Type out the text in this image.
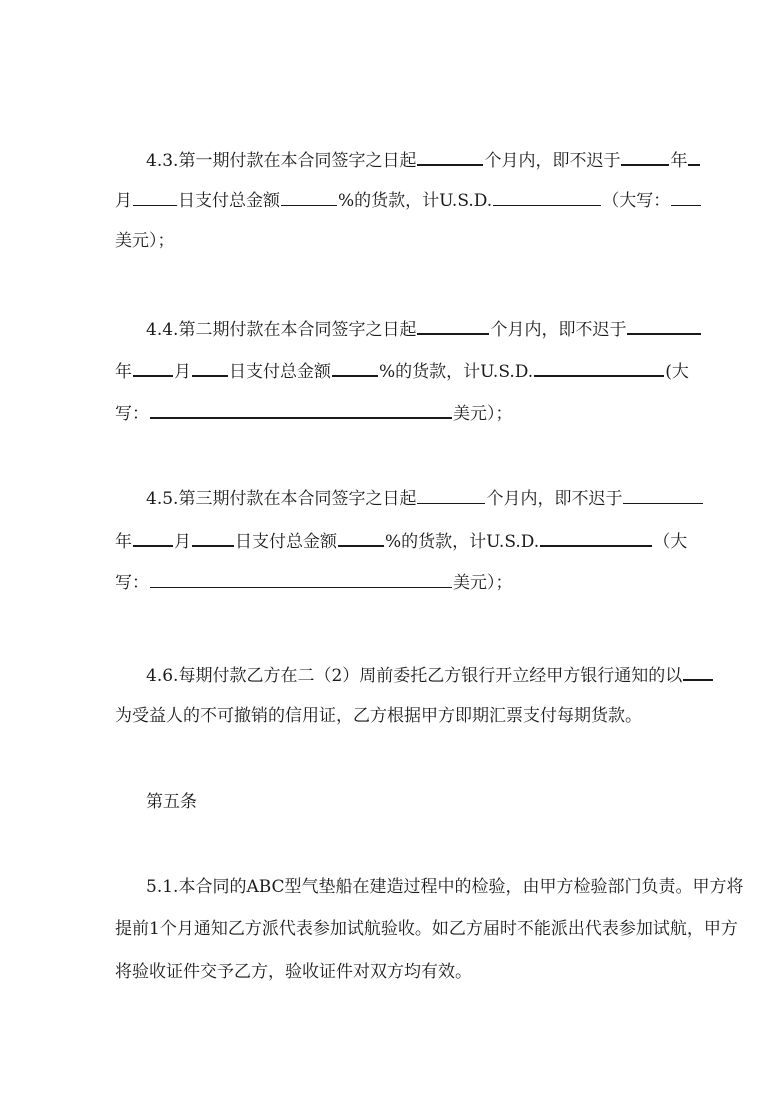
4.3.第一期付款在本合同签字之日起	个月内，即不迟于	年
月	日支付总金额	%的货款，计U.S.D.	（大写：
美元）；
4.4.第二期付款在本合同签字之日起	个月内，即不迟于
年 月 日支付总金额	%的货款，计U.S.D.	(大
写：	美元）；
4.5.第三期付款在本合同签字之日起	个月内，即不迟于
年 月	日支付总金额	%的货款，计U.S.D.	（大
写：	美元）；
4.6.每期付款乙方在二（2）周前委托乙方银行开立经甲方银行通知的以
为受益人的不可撤销的信用证，乙方根据甲方即期汇票支付每期货款。
第五条
5.1.本合同的ABC型气垫船在建造过程中的检验，由甲方检验部门负责。甲方将
提前1个月通知乙方派代表参加试航验收。如乙方届时不能派出代表参加试航，甲方
将验收证件交予乙方，验收证件对双方均有效。
